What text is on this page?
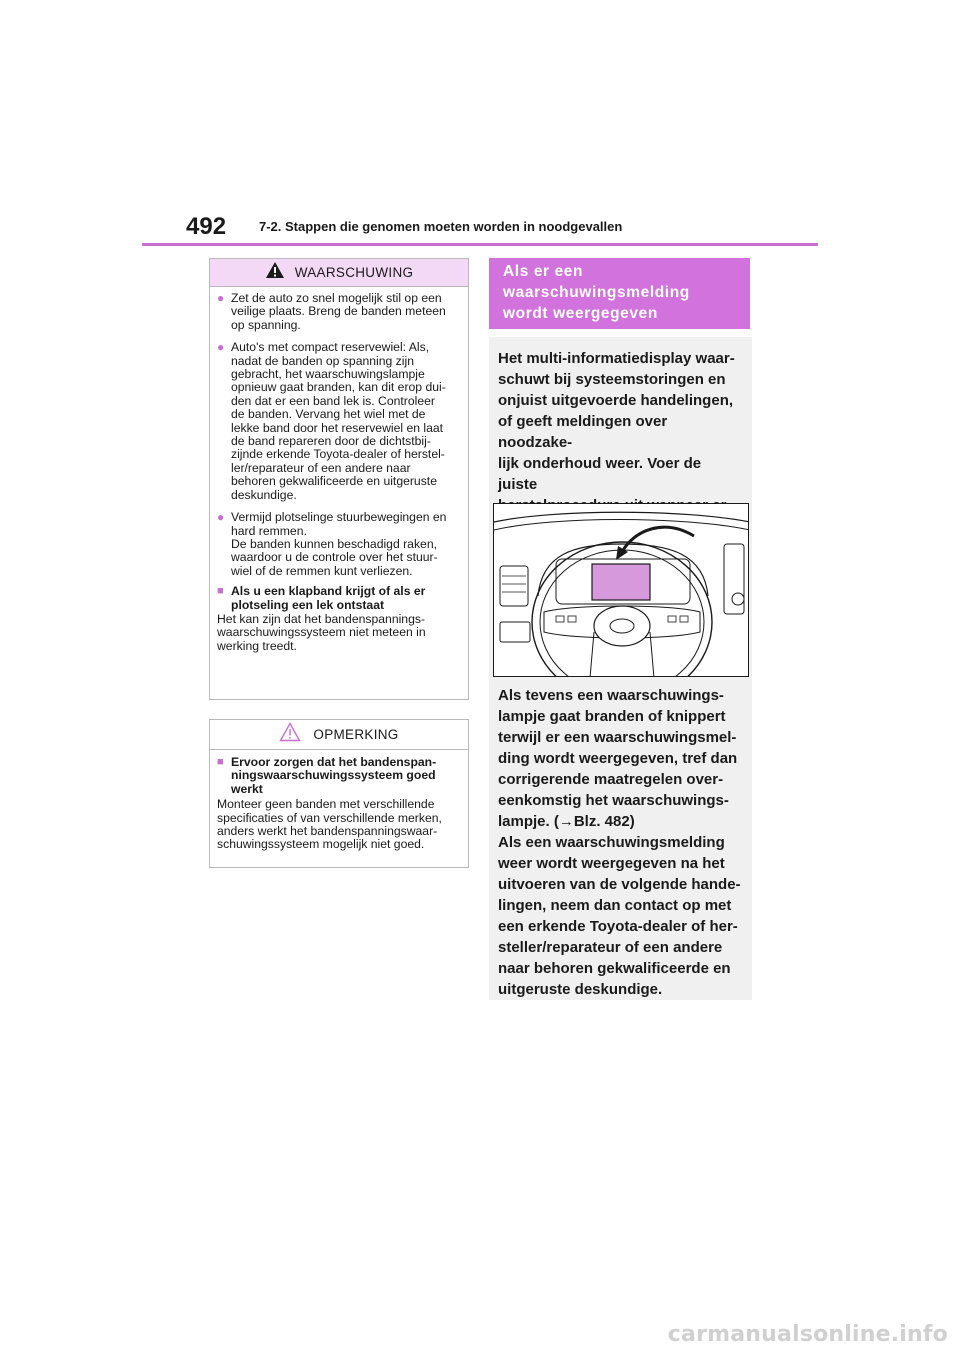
492	7-2. Stappen die genomen moeten worden in noodgevallen
WAARSCHUWING
● Zet de auto zo snel mogelijk stil op een
veilige plaats. Breng de banden meteen
op spanning.
● Auto's met compact reservewiel: Als,
nadat de banden op spanning zijn
gebracht, het waarschuwingslampje
opnieuw gaat branden, kan dit erop dui-
den dat er een band lek is. Controleer
de banden. Vervang het wiel met de
lekke band door het reservewiel en laat
de band repareren door de dichtstbij-
zijnde erkende Toyota-dealer of herstel-
ler/reparateur of een andere naar
behoren gekwalificeerde en uitgeruste
deskundige.
● Vermijd plotselinge stuurbewegingen en
hard remmen.
De banden kunnen beschadigd raken,
waardoor u de controle over het stuur-
wiel of de remmen kunt verliezen.
■ Als u een klapband krijgt of als er
plotseling een lek ontstaat
Het kan zijn dat het bandenspannings-
waarschuwingssysteem niet meteen in
werking treedt.
OPMERKING
■ Ervoor zorgen dat het bandenspan-
ningswaarschuwingssysteem goed
werkt
Monteer geen banden met verschillende
specificaties of van verschillende merken,
anders werkt het bandenspanningswaar-
schuwingssysteem mogelijk niet goed.
Als er een
waarschuwingsmelding
wordt weergegeven
Het multi-informatiedisplay waar-
schuwt bij systeemstoringen en
onjuist uitgevoerde handelingen,
of geeft meldingen over noodzake-
lijk onderhoud weer. Voer de juiste

Als tevens een waarschuwings-
lampje gaat branden of knippert
terwijl er een waarschuwingsmel-
ding wordt weergegeven, tref dan
corrigerende maatregelen over-
eenkomstig het waarschuwings-
lampje. (→Blz. 482)
Als een waarschuwingsmelding
weer wordt weergegeven na het
uitvoeren van de volgende hande-
lingen, neem dan contact op met
een erkende Toyota-dealer of her-
steller/reparateur of een andere
naar behoren gekwalificeerde en
uitgeruste deskundige.
carmanualsonline.info
